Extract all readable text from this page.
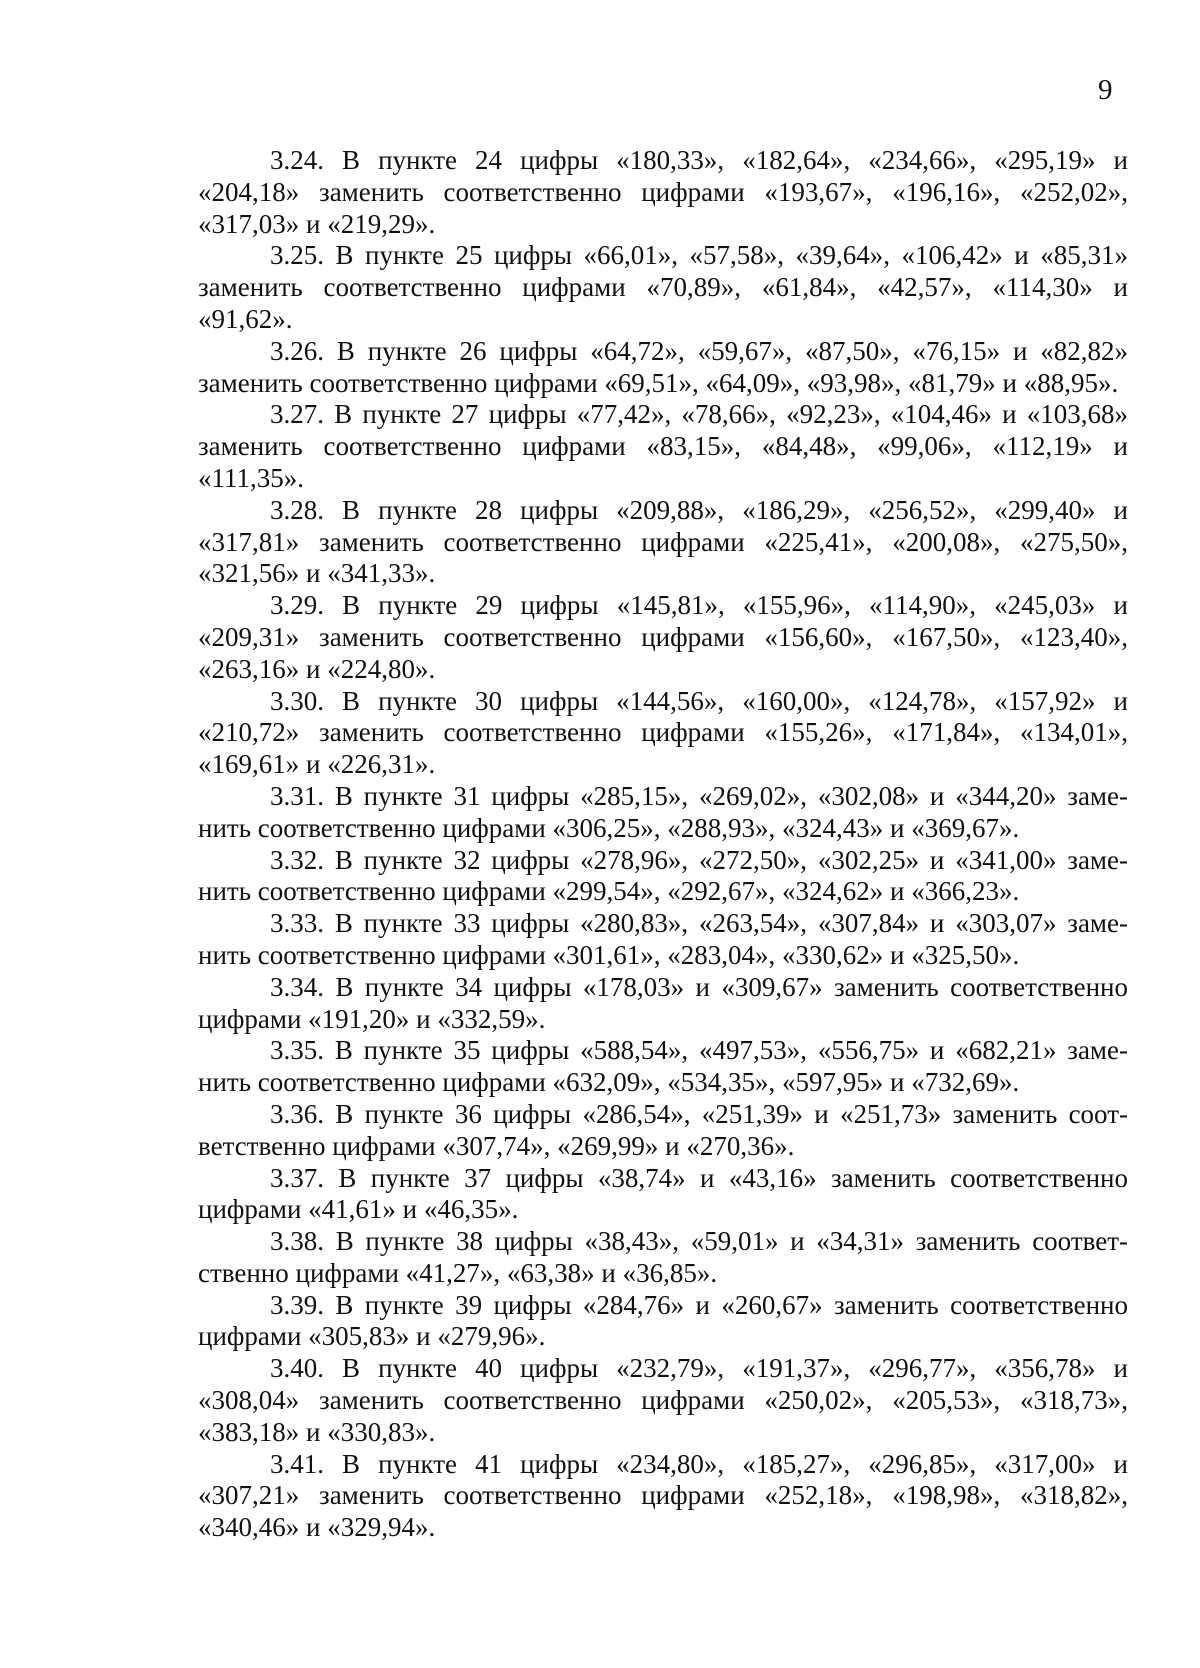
9

3.24. В пункте 24 цифры «180,33», «182,64», «234,66», «295,19» и «204,18» заменить соответственно цифрами «193,67», «196,16», «252,02», «317,03» и «219,29».

3.25. В пункте 25 цифры «66,01», «57,58», «39,64», «106,42» и «85,31» заменить соответственно цифрами «70,89», «61,84», «42,57», «114,30» и «91,62».

3.26. В пункте 26 цифры «64,72», «59,67», «87,50», «76,15» и «82,82» заменить соответственно цифрами «69,51», «64,09», «93,98», «81,79» и «88,95».

3.27. В пункте 27 цифры «77,42», «78,66», «92,23», «104,46» и «103,68» заменить соответственно цифрами «83,15», «84,48», «99,06», «112,19» и «111,35».

3.28. В пункте 28 цифры «209,88», «186,29», «256,52», «299,40» и «317,81» заменить соответственно цифрами «225,41», «200,08», «275,50», «321,56» и «341,33».

3.29. В пункте 29 цифры «145,81», «155,96», «114,90», «245,03» и «209,31» заменить соответственно цифрами «156,60», «167,50», «123,40», «263,16» и «224,80».

3.30. В пункте 30 цифры «144,56», «160,00», «124,78», «157,92» и «210,72» заменить соответственно цифрами «155,26», «171,84», «134,01», «169,61» и «226,31».

3.31. В пункте 31 цифры «285,15», «269,02», «302,08» и «344,20» заменить соответственно цифрами «306,25», «288,93», «324,43» и «369,67».

3.32. В пункте 32 цифры «278,96», «272,50», «302,25» и «341,00» заменить соответственно цифрами «299,54», «292,67», «324,62» и «366,23».

3.33. В пункте 33 цифры «280,83», «263,54», «307,84» и «303,07» заменить соответственно цифрами «301,61», «283,04», «330,62» и «325,50».

3.34. В пункте 34 цифры «178,03» и «309,67» заменить соответственно цифрами «191,20» и «332,59».

3.35. В пункте 35 цифры «588,54», «497,53», «556,75» и «682,21» заменить соответственно цифрами «632,09», «534,35», «597,95» и «732,69».

3.36. В пункте 36 цифры «286,54», «251,39» и «251,73» заменить соответственно цифрами «307,74», «269,99» и «270,36».

3.37. В пункте 37 цифры «38,74» и «43,16» заменить соответственно цифрами «41,61» и «46,35».

3.38. В пункте 38 цифры «38,43», «59,01» и «34,31» заменить соответственно цифрами «41,27», «63,38» и «36,85».

3.39. В пункте 39 цифры «284,76» и «260,67» заменить соответственно цифрами «305,83» и «279,96».

3.40. В пункте 40 цифры «232,79», «191,37», «296,77», «356,78» и «308,04» заменить соответственно цифрами «250,02», «205,53», «318,73», «383,18» и «330,83».

3.41. В пункте 41 цифры «234,80», «185,27», «296,85», «317,00» и «307,21» заменить соответственно цифрами «252,18», «198,98», «318,82», «340,46» и «329,94».
